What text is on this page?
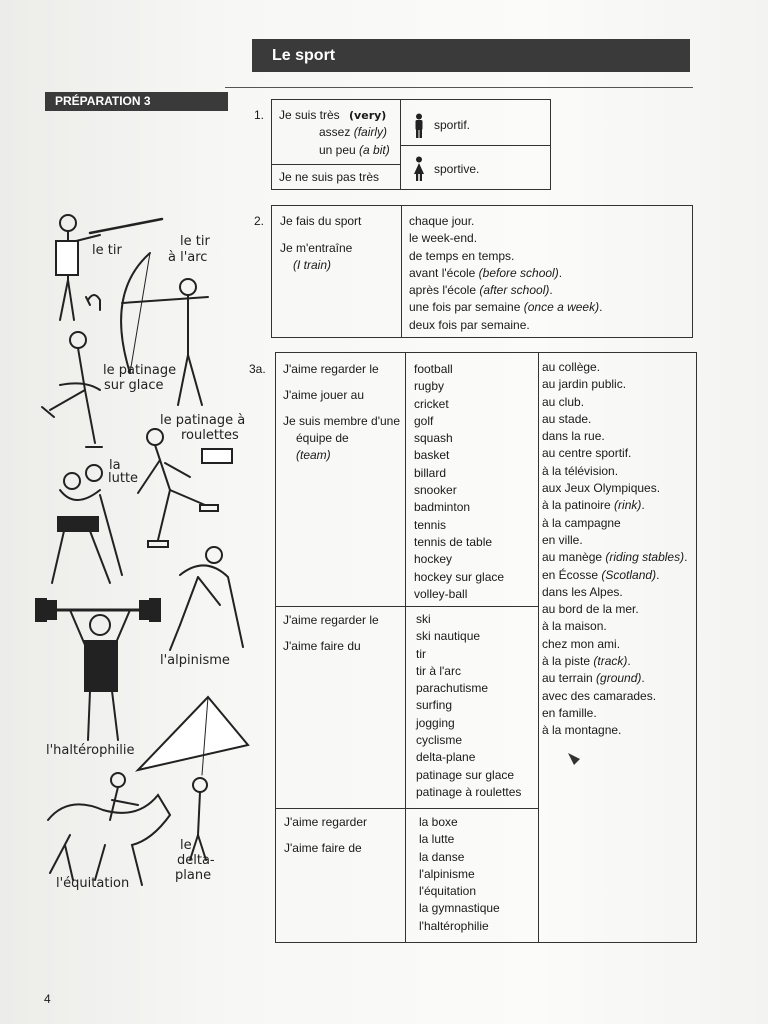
Le sport
PRÉPARATION 3
1. Je suis très (very)
assez (fairly)
un peu (a bit)
Je ne suis pas très
sportif.
sportive.
2. Je fais du sport
Je m'entraîne
(I train)
chaque jour.
le week-end.
de temps en temps.
avant l'école (before school).
après l'école (after school).
une fois par semaine (once a week).
deux fois par semaine.
3a. J'aime regarder le
J'aime jouer au
Je suis membre d'une
équipe de
(team)
football
rugby
cricket
golf
squash
basket
billard
snooker
badminton
tennis
tennis de table
hockey
hockey sur glace
volley-ball
J'aime regarder le
J'aime faire du
ski
ski nautique
tir
tir à l'arc
parachutisme
surfing
jogging
cyclisme
delta-plane
patinage sur glace
patinage à roulettes
J'aime regarder
J'aime faire de
la boxe
la lutte
la danse
l'alpinisme
l'équitation
la gymnastique
l'haltérophilie
au collège.
au jardin public.
au club.
au stade.
dans la rue.
au centre sportif.
à la télévision.
aux Jeux Olympiques.
à la patinoire (rink).
à la campagne
en ville.
au manège (riding stables).
en Écosse (Scotland).
dans les Alpes.
au bord de la mer.
à la maison.
chez mon ami.
à la piste (track).
au terrain (ground).
avec des camarades.
en famille.
à la montagne.
le tir
le tir
à l'arc
le patinage
sur glace
le patinage à
roulettes
la
lutte
l'alpinisme
l'haltérophilie
le
delta-
plane
l'équitation
4
